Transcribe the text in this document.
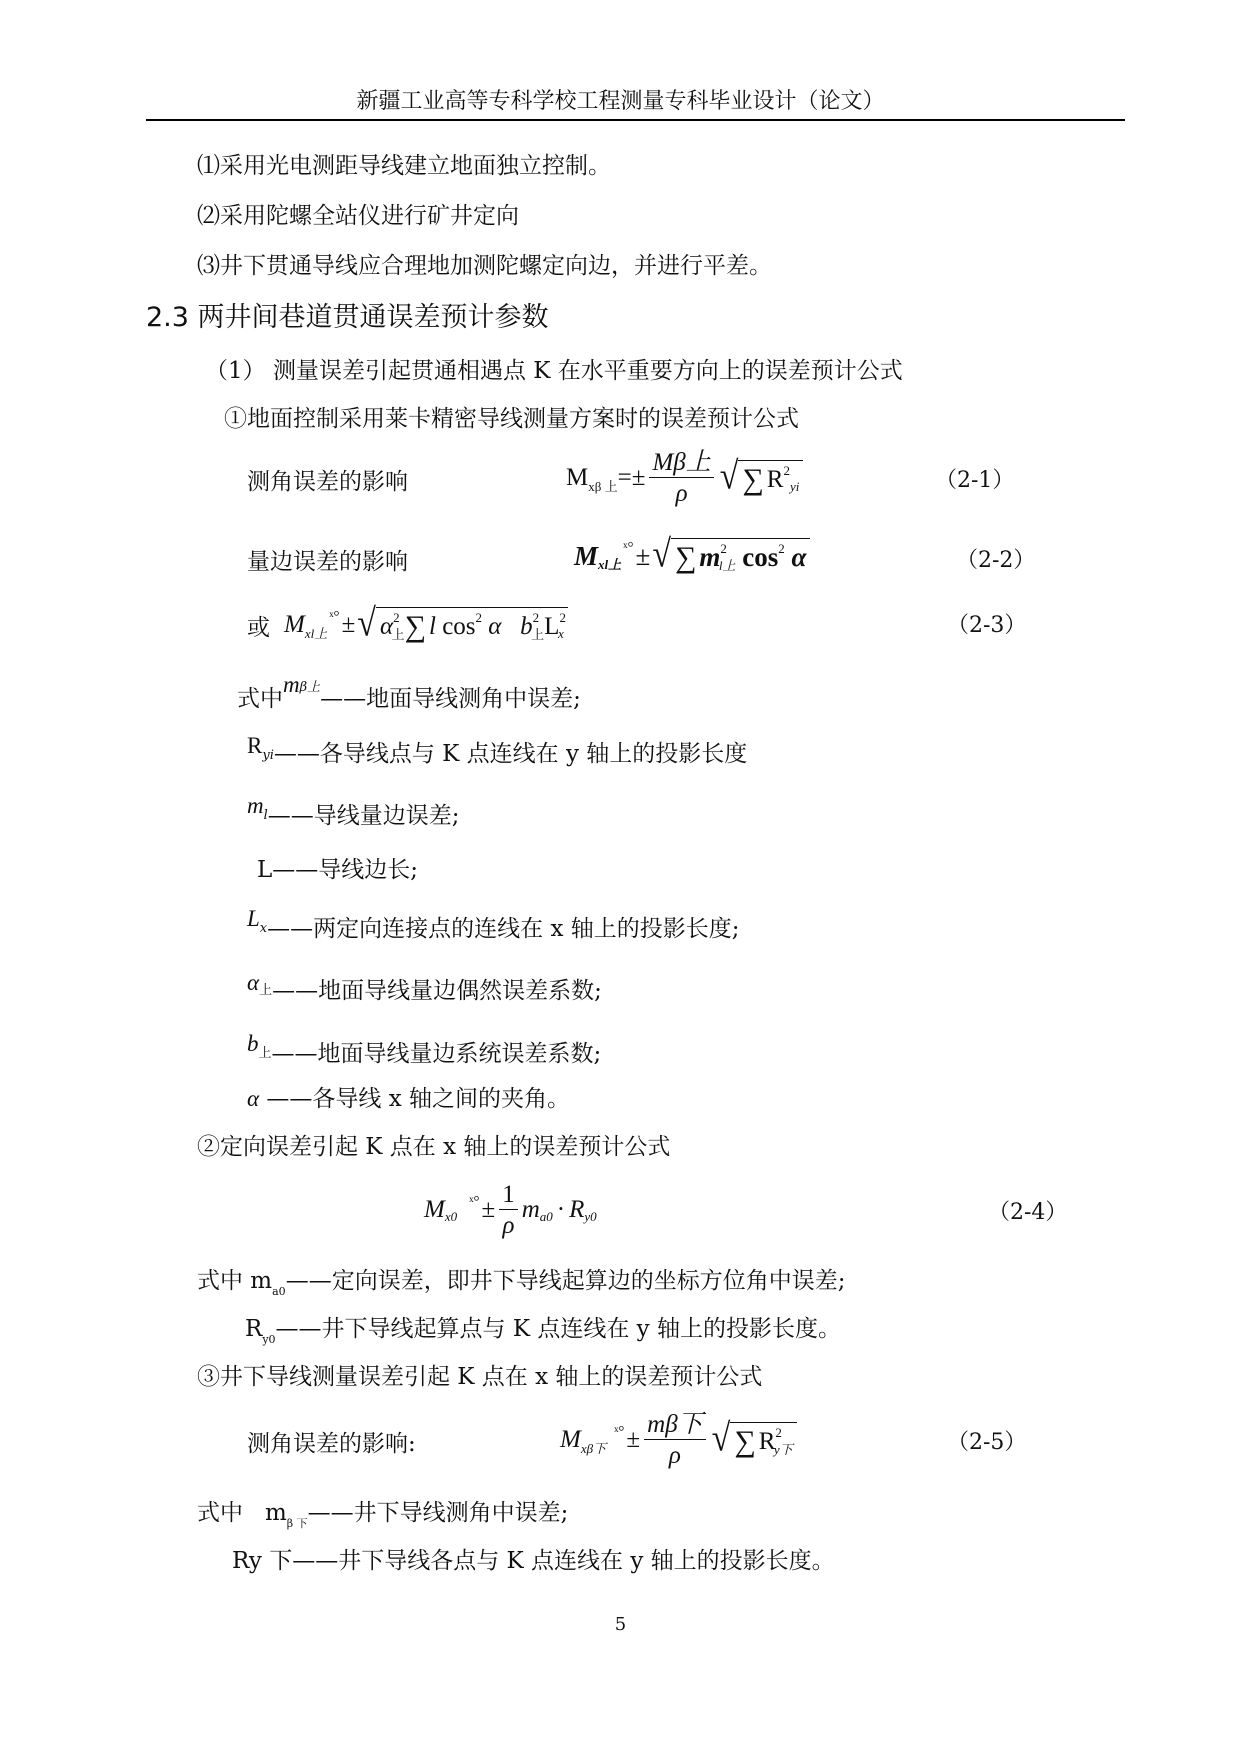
新疆工业高等专科学校工程测量专科毕业设计（论文）
⑴采用光电测距导线建立地面独立控制。
⑵采用陀螺全站仪进行矿井定向
⑶井下贯通导线应合理地加测陀螺定向边，并进行平差。
2.3 两井间巷道贯通误差预计参数
（1） 测量误差引起贯通相遇点 K 在水平重要方向上的误差预计公式
①地面控制采用莱卡精密导线测量方案时的误差预计公式
测角误差的影响	M xβ 上 =± $\frac{\text{Mβ上}}{\rho}$ √ ∑ R 2
yi	（2-1）
量边误差的影响	M xl上
ˣ° ± √ ∑ m 2
l上
cos 2
α	（2-2）
或 M xl上
ˣ° ± √ α 2
上 ∑ l
cos 2
α
b 2
上 L 2
x	（2-3）
式中
m β上 ——地面导线测角中误差;
Ryi——各导线点与 K 点连线在 y 轴上的投影长度
ml——导线量边误差;
L——导线边长;
Lx——两定向连接点的连线在 x 轴上的投影长度;
α上——地面导线量边偶然误差系数;
b上——地面导线量边系统误差系数;
α ——各导线 x 轴之间的夹角。
②定向误差引起 K 点在 x 轴上的误差预计公式
M x0
ˣ° ± $\frac{1}{\rho}$ m a0 · R y0	（2-4）
式中 $m_{a0}——$定向误差，即井下导线起算边的坐标方位角中误差;
$R_{y0}——$井下导线起算点与 K 点连线在 y 轴上的投影长度。
③井下导线测量误差引起 K 点在 x 轴上的误差预计公式
测角误差的影响:	M xβ下
ˣ° ± $\frac{\text{mβ下}}{\rho}$ √ ∑ R 2
y下	（2-5）
式中 $m_{\beta 下}——$井下导线测角中误差;
Ry 下——井下导线各点与 K 点连线在 y 轴上的投影长度。
5
